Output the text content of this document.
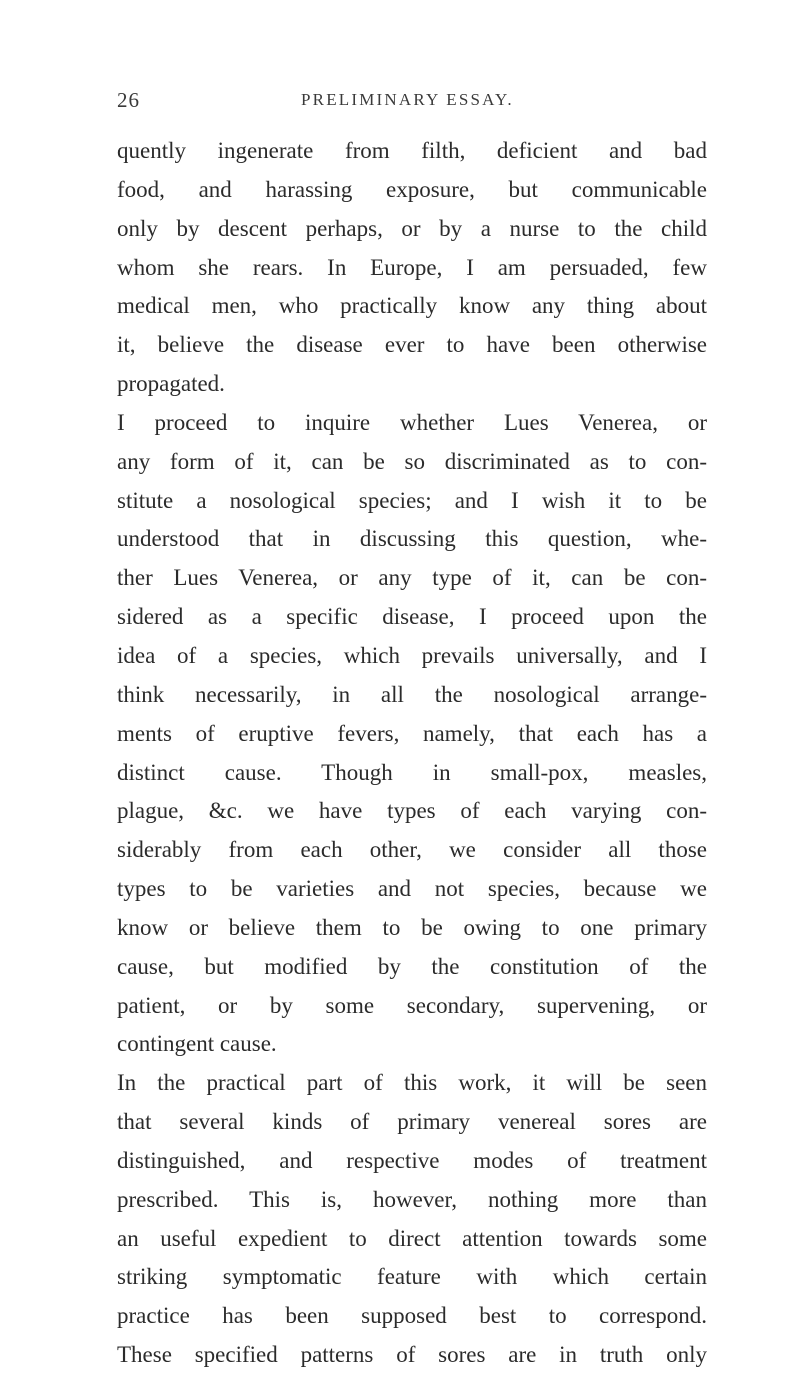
26	PRELIMINARY ESSAY.
quently ingenerate from filth, deficient and bad
food, and harassing exposure, but communicable
only by descent perhaps, or by a nurse to the child
whom she rears. In Europe, I am persuaded, few
medical men, who practically know any thing about
it, believe the disease ever to have been otherwise
propagated.
I proceed to inquire whether Lues Venerea, or
any form of it, can be so discriminated as to con-
stitute a nosological species; and I wish it to be
understood that in discussing this question, whe-
ther Lues Venerea, or any type of it, can be con-
sidered as a specific disease, I proceed upon the
idea of a species, which prevails universally, and I
think necessarily, in all the nosological arrange-
ments of eruptive fevers, namely, that each has a
distinct cause. Though in small-pox, measles,
plague, &c. we have types of each varying con-
siderably from each other, we consider all those
types to be varieties and not species, because we
know or believe them to be owing to one primary
cause, but modified by the constitution of the
patient, or by some secondary, supervening, or
contingent cause.
In the practical part of this work, it will be seen
that several kinds of primary venereal sores are
distinguished, and respective modes of treatment
prescribed. This is, however, nothing more than
an useful expedient to direct attention towards some
striking symptomatic feature with which certain
practice has been supposed best to correspond.
These specified patterns of sores are in truth only
